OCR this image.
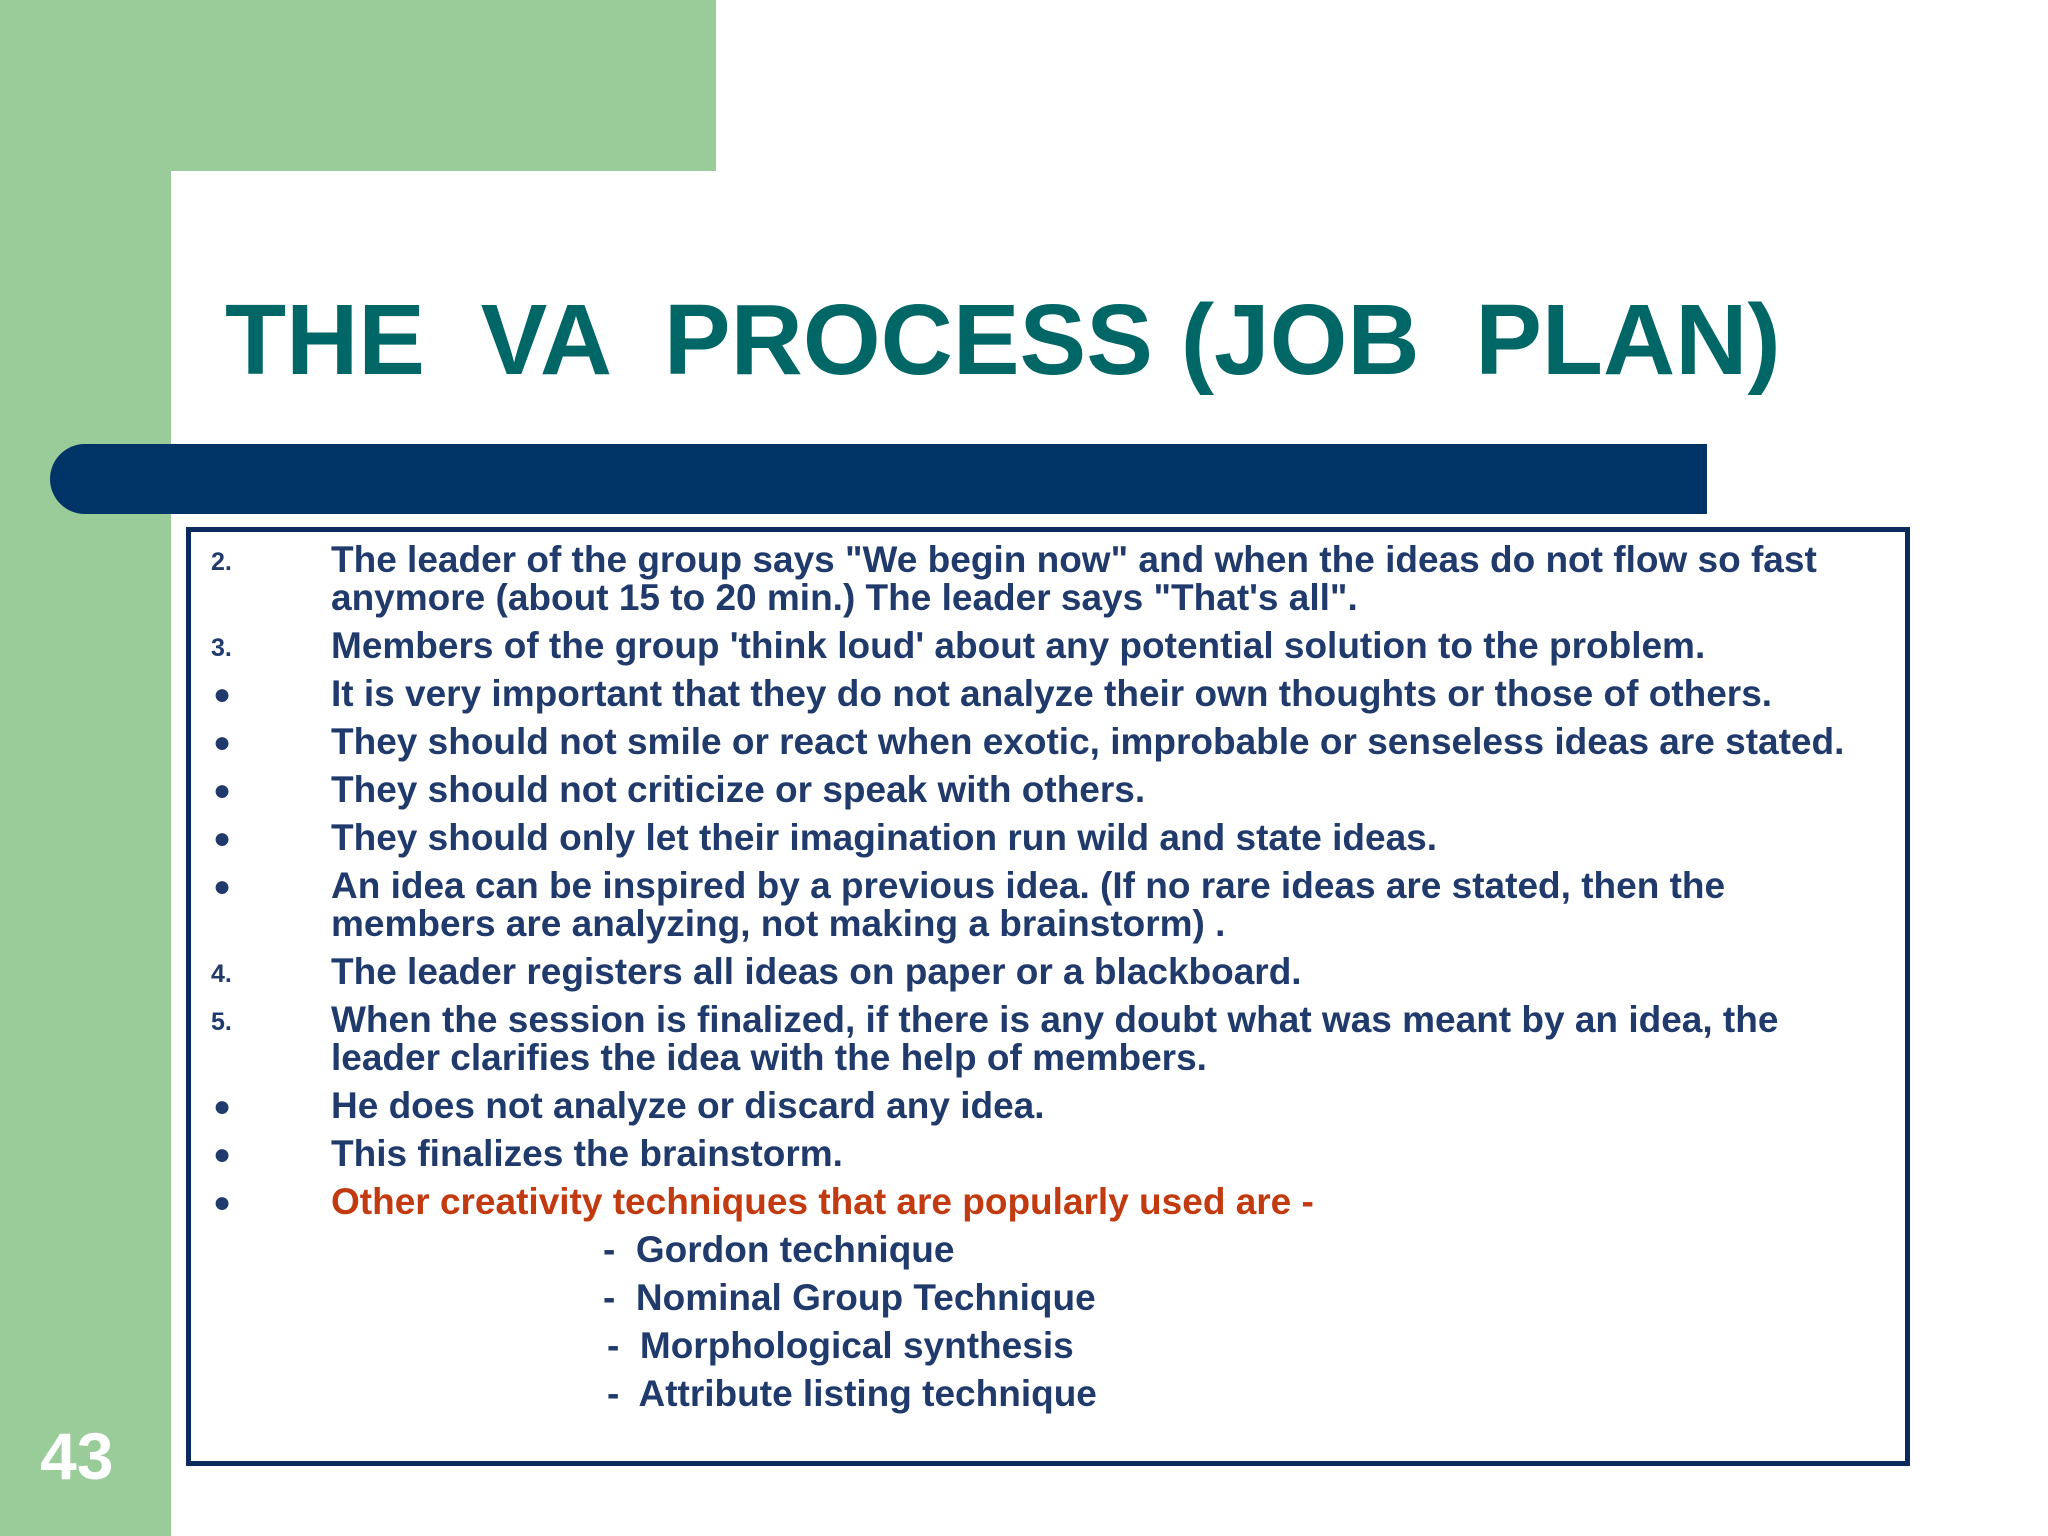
THE  VA  PROCESS (JOB  PLAN)
2.	The leader of the group says "We begin now" and when the ideas do not flow so fast anymore (about 15 to 20 min.) The leader says "That's all".
3.	Members of the group 'think loud' about any potential solution to the problem.
●	It is very important that they do not analyze their own thoughts or those of others.
●	They should not smile or react when exotic, improbable or senseless ideas are stated.
●	They should not criticize or speak with others.
●	They should only let their imagination run wild and state ideas.
●	An idea can be inspired by a previous idea. (If no rare ideas are stated, then the members are analyzing, not making a brainstorm) .
4.	The leader registers all ideas on paper or a blackboard.
5.	When the session is finalized, if there is any doubt what was meant by an idea, the leader clarifies the idea with the help of members.
●	He does not analyze or discard any idea.
●	This finalizes the brainstorm.
●	Other creativity techniques that are popularly used are -
-  Gordon technique
-  Nominal Group Technique
-  Morphological synthesis
-  Attribute listing technique
43
